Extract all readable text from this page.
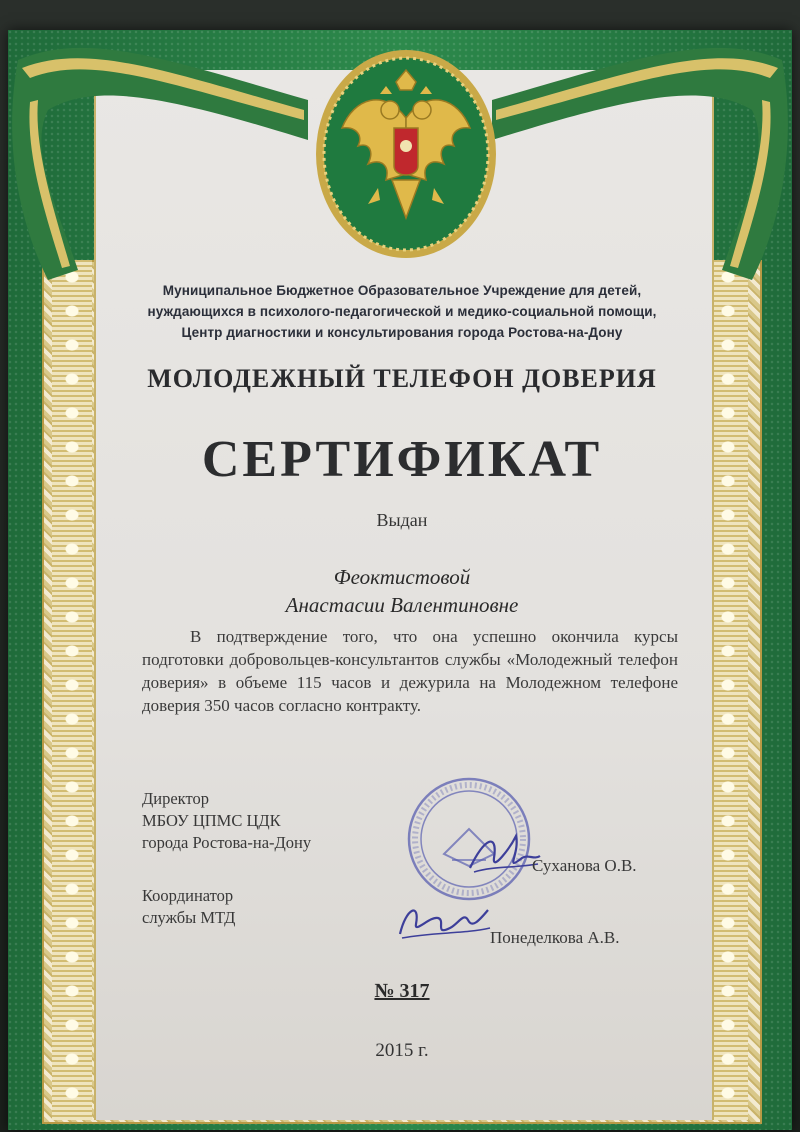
Муниципальное Бюджетное Образовательное Учреждение для детей,
нуждающихся в психолого-педагогической и медико-социальной помощи,
Центр диагностики и консультирования города Ростова-на-Дону
МОЛОДЕЖНЫЙ ТЕЛЕФОН ДОВЕРИЯ
СЕРТИФИКАТ
Выдан
Феоктистовой
Анастасии Валентиновне
В подтверждение того, что она успешно окончила курсы подготовки добровольцев-консультантов службы «Молодежный телефон доверия» в объеме 115 часов и дежурила на Молодежном телефоне доверия 350 часов согласно контракту.
Директор
МБОУ ЦПМС ЦДК
города Ростова-на-Дону
Координатор
службы МТД
Суханова О.В.
Понеделкова А.В.
№ 317
2015 г.
